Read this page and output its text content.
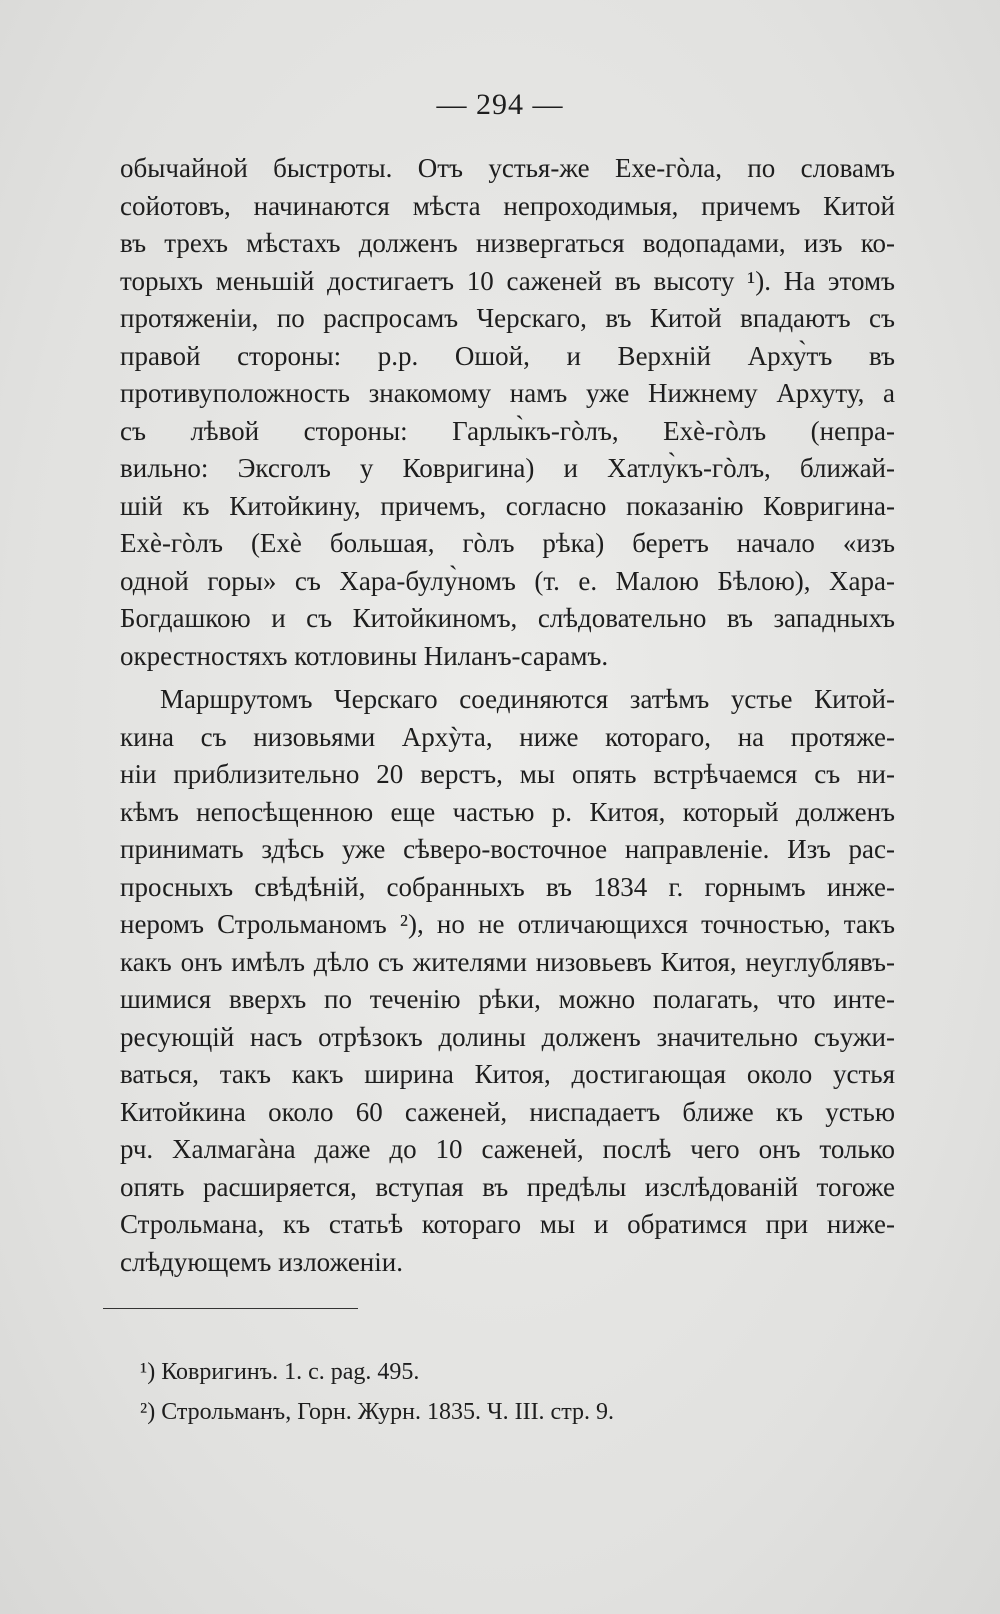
— 294 —

обычайной быстроты. Отъ устья-же Ехе-гòла, по словамъ
сойотовъ, начинаются мѣста непроходимыя, причемъ Китой
въ трехъ мѣстахъ долженъ низвергаться водопадами, изъ ко-
торыхъ меньшій достигаетъ 10 саженей въ высоту ¹). На этомъ
протяженіи, по распросамъ Черскаго, въ Китой впадаютъ съ
правой стороны: р.р. Ошой, и Верхній Арху̀тъ въ
противуположность знакомому намъ уже Нижнему Архуту, а
съ лѣвой стороны: Гарлы̀къ-гòлъ, Ехè-гòлъ (непра-
вильно: Эксголъ у Ковригина) и Хатлу̀къ-гòлъ, ближай-
шій къ Китойкину, причемъ, согласно показанію Ковригина-
Ехè-гòлъ (Ехè большая, гòлъ рѣка) беретъ начало «изъ
одной горы» съ Хара-булу̀номъ (т. е. Малою Бѣлою), Хара-
Богдашкою и съ Китойкиномъ, слѣдовательно въ западныхъ
окрестностяхъ котловины Ниланъ-сарамъ.

Маршрутомъ Черскаго соединяются затѣмъ устье Китой-
кина съ низовьями Архỳта, ниже котораго, на протяже-
ніи приблизительно 20 верстъ, мы опять встрѣчаемся съ ни-
кѣмъ непосѣщенною еще частью р. Китоя, который долженъ
принимать здѣсь уже сѣверо-восточное направленіе. Изъ рас-
просныхъ свѣдѣній, собранныхъ въ 1834 г. горнымъ инже-
неромъ Строльманомъ ²), но не отличающихся точностью, такъ
какъ онъ имѣлъ дѣло съ жителями низовьевъ Китоя, неуглублявъ-
шимися вверхъ по теченію рѣки, можно полагать, что инте-
ресующій насъ отрѣзокъ долины долженъ значительно съужи-
ваться, такъ какъ ширина Китоя, достигающая около устья
Китойкина около 60 саженей, ниспадаетъ ближе къ устью
рч. Халмагàна даже до 10 саженей, послѣ чего онъ только
опять расширяется, вступая въ предѣлы изслѣдованій тогоже
Строльмана, къ статьѣ котораго мы и обратимся при ниже-
слѣдующемъ изложеніи.

¹) Ковригинъ. 1. с. pag. 495.
²) Строльманъ, Горн. Журн. 1835. Ч. III. стр. 9.
